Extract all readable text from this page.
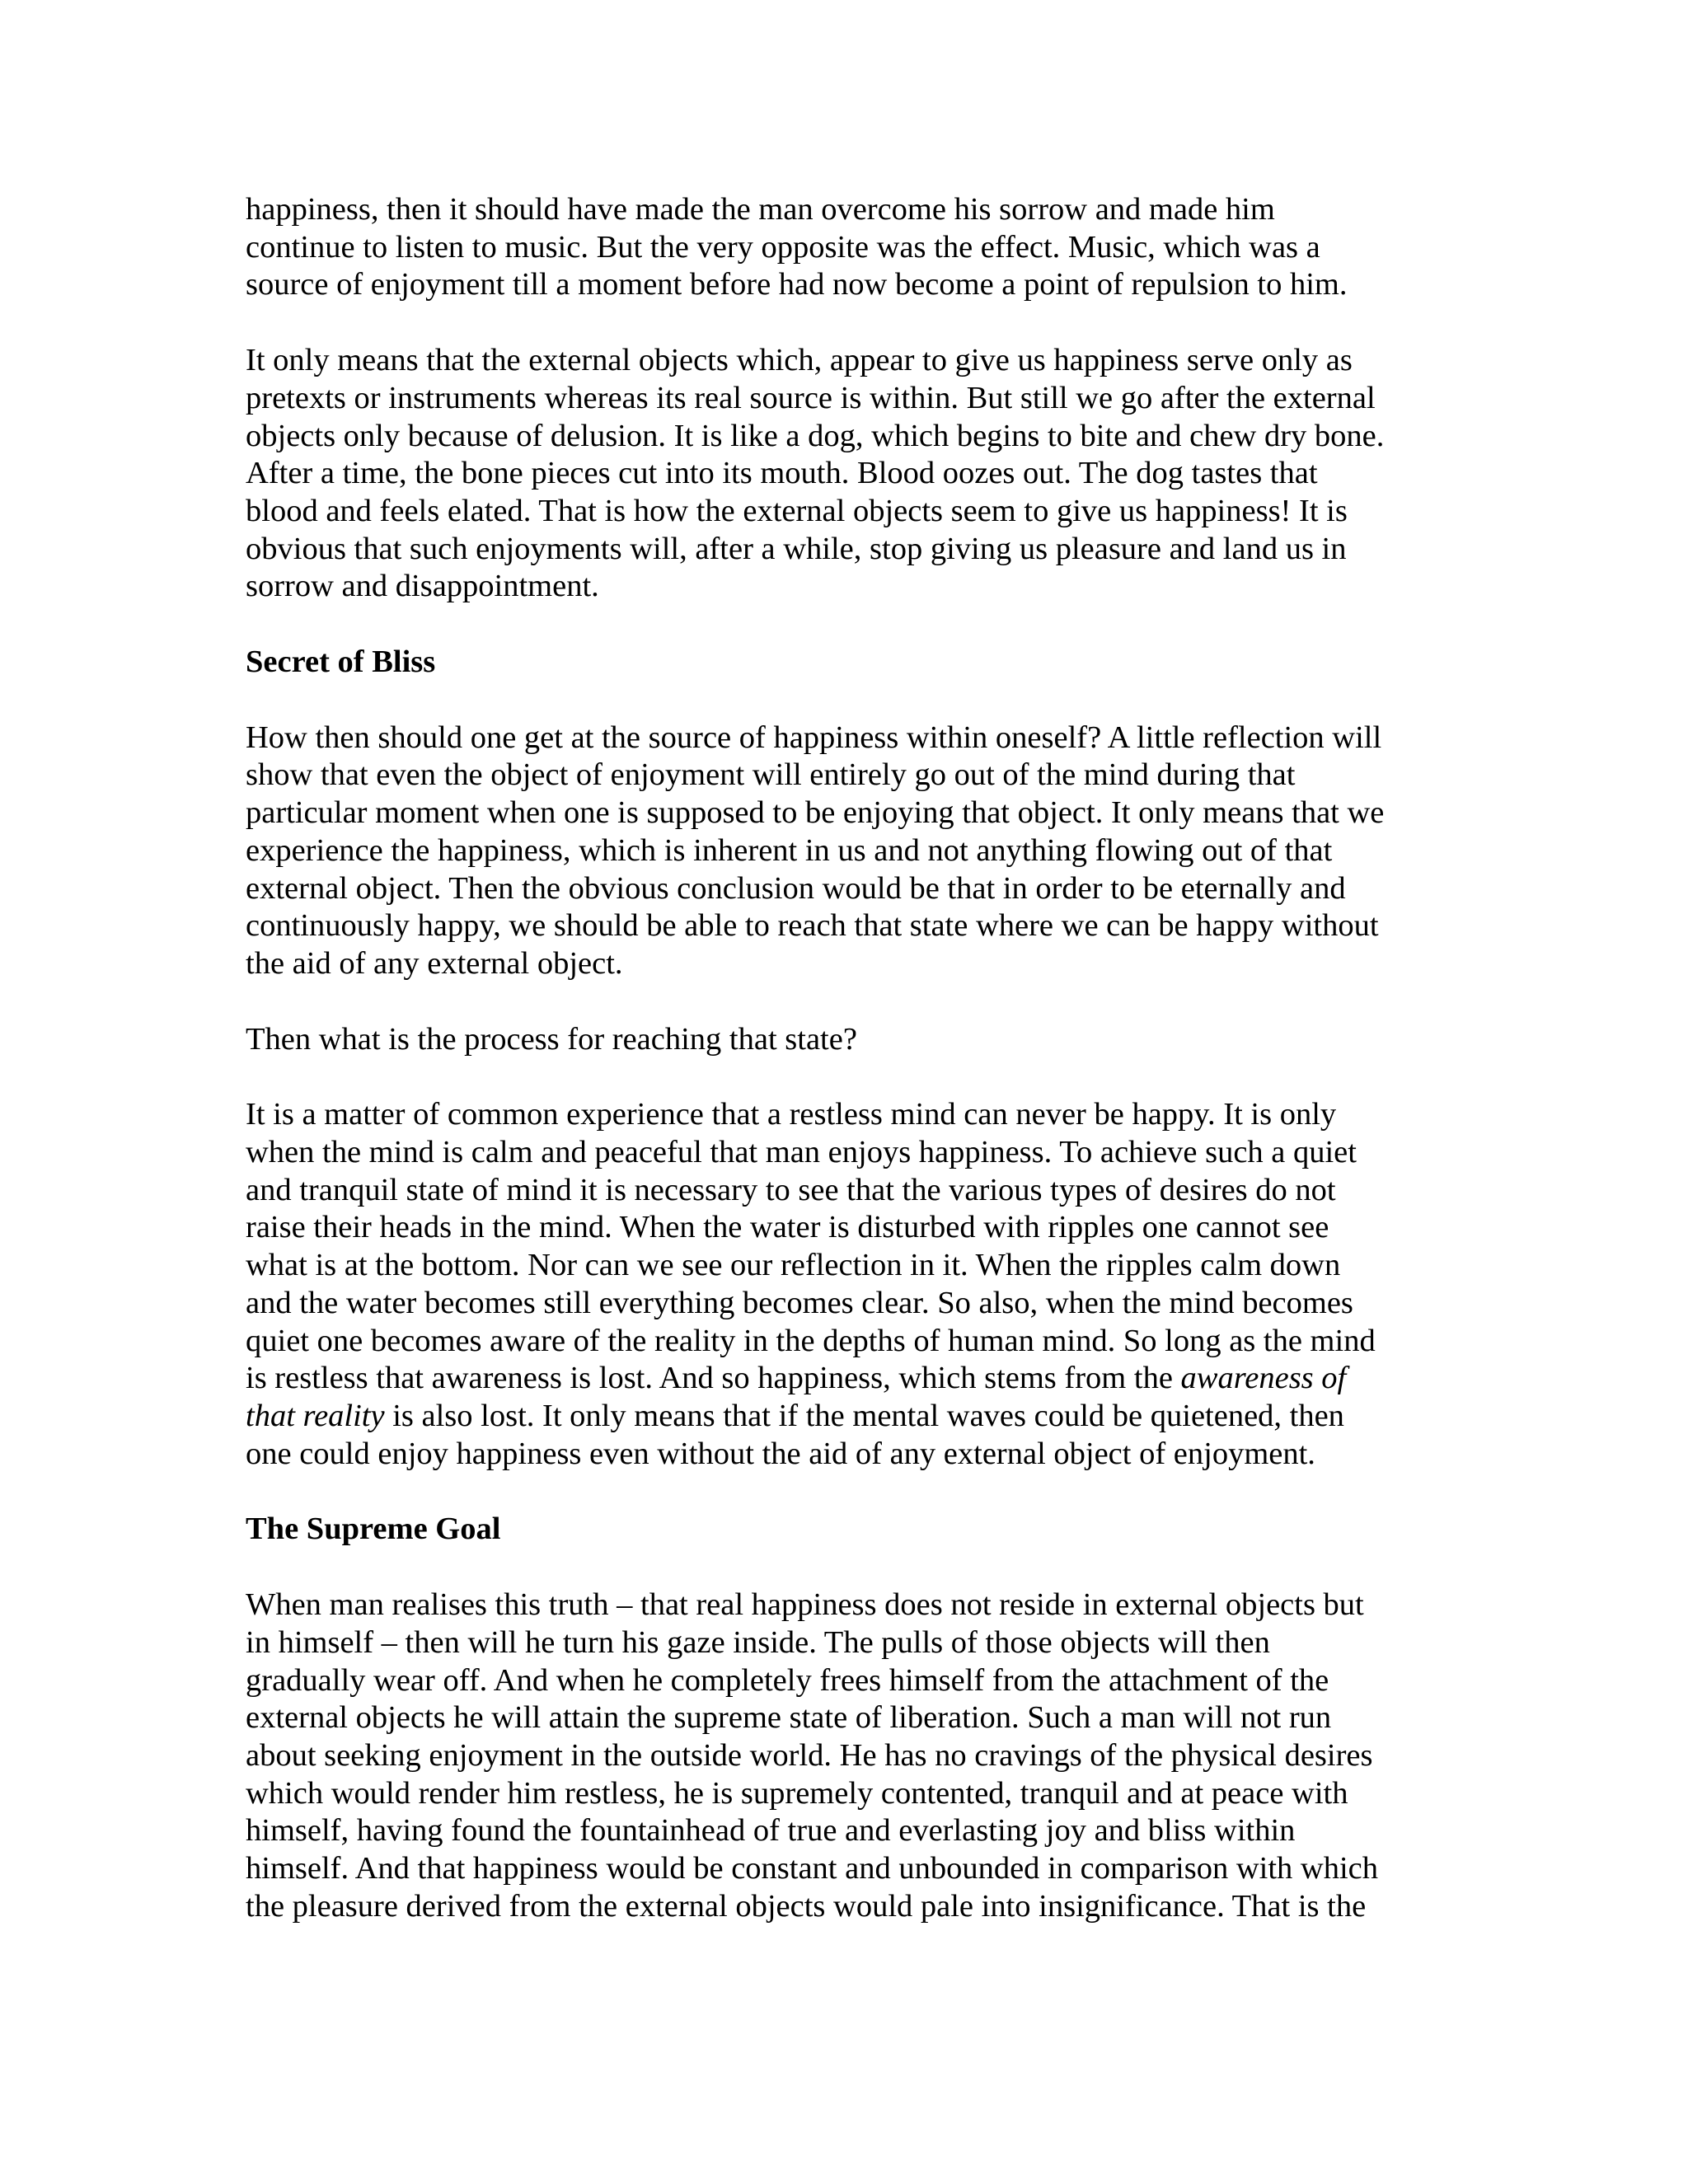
happiness, then it should have made the man overcome his sorrow and made him
continue to listen to music. But the very opposite was the effect. Music, which was a
source of enjoyment till a moment before had now become a point of repulsion to him.
It only means that the external objects which, appear to give us happiness serve only as
pretexts or instruments whereas its real source is within. But still we go after the external
objects only because of delusion. It is like a dog, which begins to bite and chew dry bone.
After a time, the bone pieces cut into its mouth. Blood oozes out. The dog tastes that
blood and feels elated. That is how the external objects seem to give us happiness! It is
obvious that such enjoyments will, after a while, stop giving us pleasure and land us in
sorrow and disappointment.
Secret of Bliss
How then should one get at the source of happiness within oneself? A little reflection will
show that even the object of enjoyment will entirely go out of the mind during that
particular moment when one is supposed to be enjoying that object. It only means that we
experience the happiness, which is inherent in us and not anything flowing out of that
external object. Then the obvious conclusion would be that in order to be eternally and
continuously happy, we should be able to reach that state where we can be happy without
the aid of any external object.
Then what is the process for reaching that state?
It is a matter of common experience that a restless mind can never be happy. It is only
when the mind is calm and peaceful that man enjoys happiness. To achieve such a quiet
and tranquil state of mind it is necessary to see that the various types of desires do not
raise their heads in the mind. When the water is disturbed with ripples one cannot see
what is at the bottom. Nor can we see our reflection in it. When the ripples calm down
and the water becomes still everything becomes clear. So also, when the mind becomes
quiet one becomes aware of the reality in the depths of human mind. So long as the mind
is restless that awareness is lost. And so happiness, which stems from the awareness of
that reality is also lost. It only means that if the mental waves could be quietened, then
one could enjoy happiness even without the aid of any external object of enjoyment.
The Supreme Goal
When man realises this truth – that real happiness does not reside in external objects but
in himself – then will he turn his gaze inside. The pulls of those objects will then
gradually wear off. And when he completely frees himself from the attachment of the
external objects he will attain the supreme state of liberation. Such a man will not run
about seeking enjoyment in the outside world. He has no cravings of the physical desires
which would render him restless, he is supremely contented, tranquil and at peace with
himself, having found the fountainhead of true and everlasting joy and bliss within
himself. And that happiness would be constant and unbounded in comparison with which
the pleasure derived from the external objects would pale into insignificance. That is the
